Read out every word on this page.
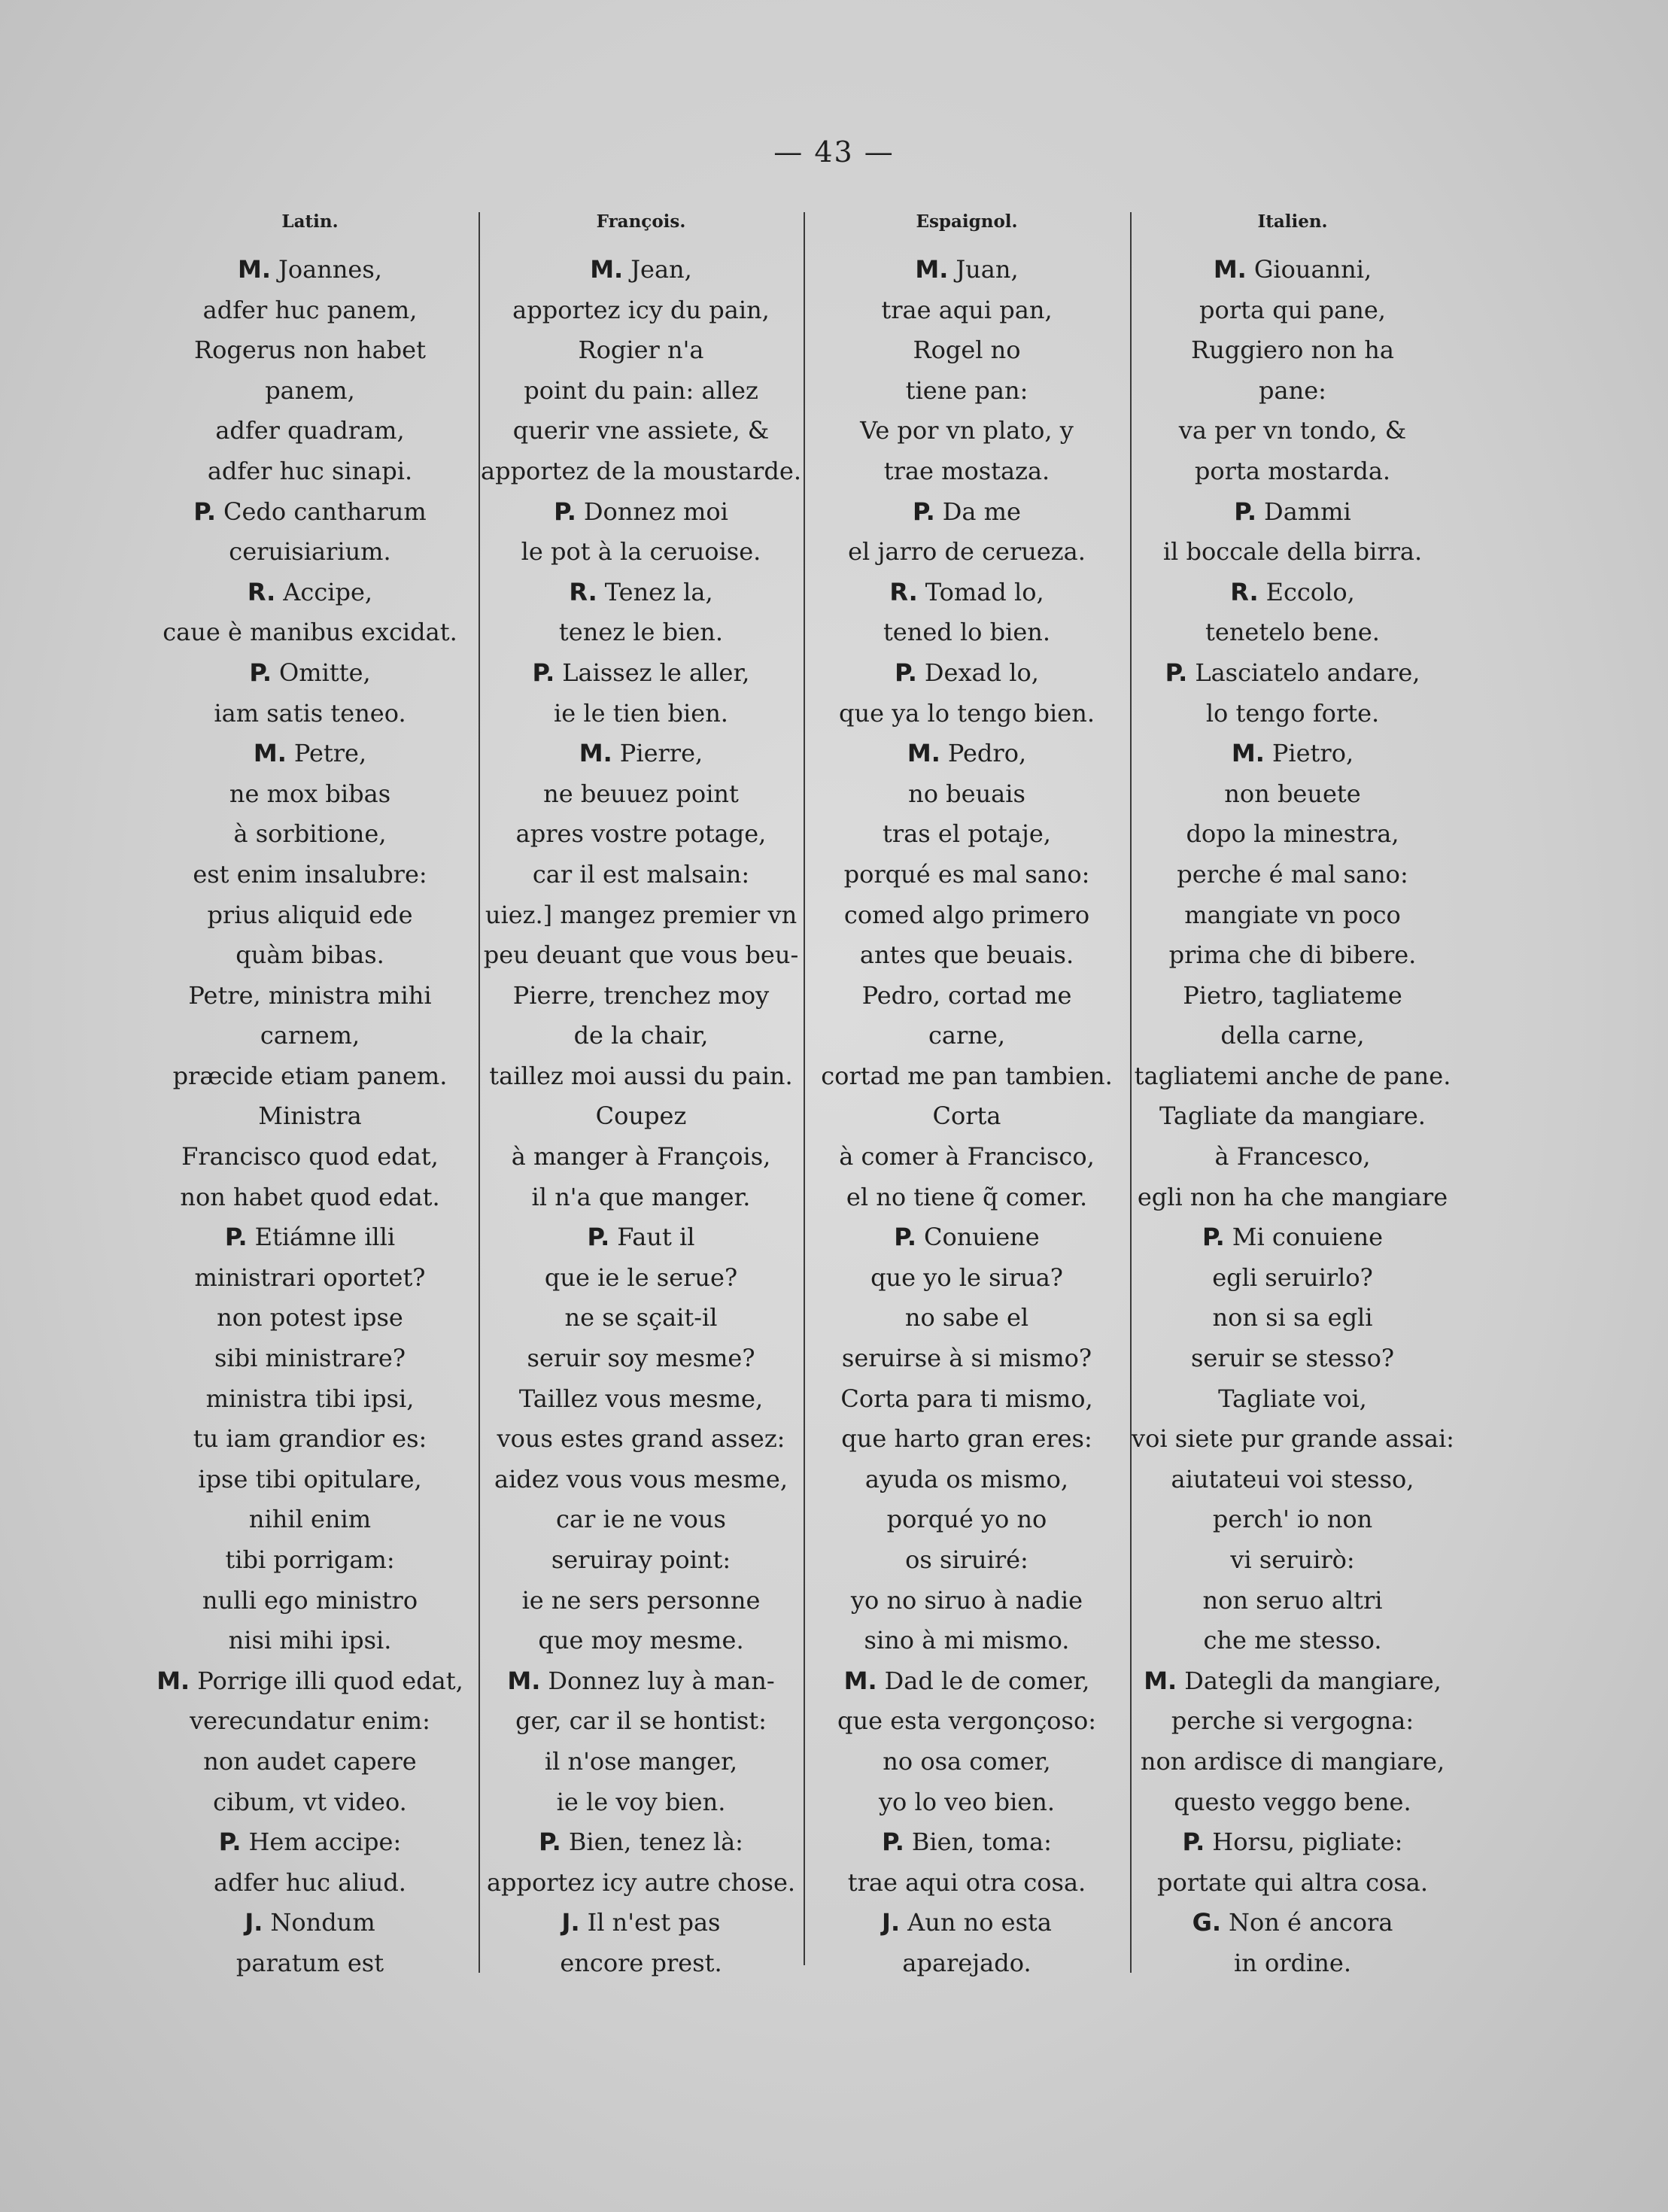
— 43 —
Latin.
M. Joannes,
adfer huc panem,
Rogerus non habet
panem,
adfer quadram,
adfer huc sinapi.
P. Cedo cantharum
ceruisiarium.
R. Accipe,
caue è manibus excidat.
P. Omitte,
iam satis teneo.
M. Petre,
ne mox bibas
à sorbitione,
est enim insalubre:
prius aliquid ede
quàm bibas.
Petre, ministra mihi
carnem,
præcide etiam panem.
Ministra
Francisco quod edat,
non habet quod edat.
P. Etiámne illi
ministrari oportet?
non potest ipse
sibi ministrare?
ministra tibi ipsi,
tu iam grandior es:
ipse tibi opitulare,
nihil enim
tibi porrigam:
nulli ego ministro
nisi mihi ipsi.
M. Porrige illi quod edat,
verecundatur enim:
non audet capere
cibum, vt video.
P. Hem accipe:
adfer huc aliud.
J. Nondum
paratum est
François.
M. Jean,
apportez icy du pain,
Rogier n'a
point du pain: allez
querir vne assiete, &
apportez de la moustarde.
P. Donnez moi
le pot à la ceruoise.
R. Tenez la,
tenez le bien.
P. Laissez le aller,
ie le tien bien.
M. Pierre,
ne beuuez point
apres vostre potage,
car il est malsain:
uiez.] mangez premier vn
peu deuant que vous beu-
Pierre, trenchez moy
de la chair,
taillez moi aussi du pain.
Coupez
à manger à François,
il n'a que manger.
P. Faut il
que ie le serue?
ne se sçait-il
seruir soy mesme?
Taillez vous mesme,
vous estes grand assez:
aidez vous vous mesme,
car ie ne vous
seruiray point:
ie ne sers personne
que moy mesme.
M. Donnez luy à man-
ger, car il se hontist:
il n'ose manger,
ie le voy bien.
P. Bien, tenez là:
apportez icy autre chose.
J. Il n'est pas
encore prest.
Espaignol.
M. Juan,
trae aqui pan,
Rogel no
tiene pan:
Ve por vn plato, y
trae mostaza.
P. Da me
el jarro de cerueza.
R. Tomad lo,
tened lo bien.
P. Dexad lo,
que ya lo tengo bien.
M. Pedro,
no beuais
tras el potaje,
porqué es mal sano:
comed algo primero
antes que beuais.
Pedro, cortad me
carne,
cortad me pan tambien.
Corta
à comer à Francisco,
el no tiene q̃ comer.
P. Conuiene
que yo le sirua?
no sabe el
seruirse à si mismo?
Corta para ti mismo,
que harto gran eres:
ayuda os mismo,
porqué yo no
os siruiré:
yo no siruo à nadie
sino à mi mismo.
M. Dad le de comer,
que esta vergonçoso:
no osa comer,
yo lo veo bien.
P. Bien, toma:
trae aqui otra cosa.
J. Aun no esta
aparejado.
Italien.
M. Giouanni,
porta qui pane,
Ruggiero non ha
pane:
va per vn tondo, &
porta mostarda.
P. Dammi
il boccale della birra.
R. Eccolo,
tenetelo bene.
P. Lasciatelo andare,
lo tengo forte.
M. Pietro,
non beuete
dopo la minestra,
perche é mal sano:
mangiate vn poco
prima che di bibere.
Pietro, tagliateme
della carne,
tagliatemi anche de pane.
Tagliate da mangiare.
à Francesco,
egli non ha che mangiare
P. Mi conuiene
egli seruirlo?
non si sa egli
seruir se stesso?
Tagliate voi,
voi siete pur grande assai:
aiutateui voi stesso,
perch' io non
vi seruirò:
non seruo altri
che me stesso.
M. Dategli da mangiare,
perche si vergogna:
non ardisce di mangiare,
questo veggo bene.
P. Horsu, pigliate:
portate qui altra cosa.
G. Non é ancora
in ordine.
